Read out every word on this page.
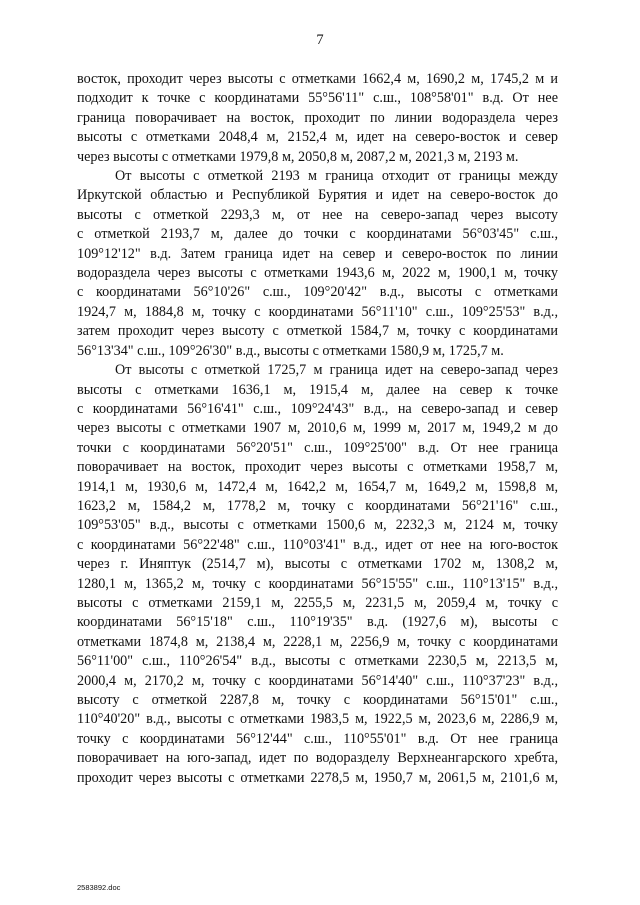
7
восток, проходит через высоты с отметками 1662,4 м, 1690,2 м, 1745,2 м и
подходит к точке с координатами 55°56'11" с.ш., 108°58'01" в.д. От нее
граница поворачивает на восток, проходит по линии водораздела через
высоты с отметками 2048,4 м, 2152,4 м, идет на северо-восток и север
через высоты с отметками 1979,8 м, 2050,8 м, 2087,2 м, 2021,3 м, 2193 м.
От высоты с отметкой 2193 м граница отходит от границы между
Иркутской областью и Республикой Бурятия и идет на северо-восток до
высоты с отметкой 2293,3 м, от нее на северо-запад через высоту
с отметкой 2193,7 м, далее до точки с координатами 56°03'45" с.ш.,
109°12'12" в.д. Затем граница идет на север и северо-восток по линии
водораздела через высоты с отметками 1943,6 м, 2022 м, 1900,1 м, точку
с координатами 56°10'26" с.ш., 109°20'42" в.д., высоты с отметками
1924,7 м, 1884,8 м, точку с координатами 56°11'10" с.ш., 109°25'53" в.д.,
затем проходит через высоту с отметкой 1584,7 м, точку с координатами
56°13'34" с.ш., 109°26'30" в.д., высоты с отметками 1580,9 м, 1725,7 м.
От высоты с отметкой 1725,7 м граница идет на северо-запад через
высоты с отметками 1636,1 м, 1915,4 м, далее на север к точке
с координатами 56°16'41" с.ш., 109°24'43" в.д., на северо-запад и север
через высоты с отметками 1907 м, 2010,6 м, 1999 м, 2017 м, 1949,2 м до
точки с координатами 56°20'51" с.ш., 109°25'00" в.д. От нее граница
поворачивает на восток, проходит через высоты с отметками 1958,7 м,
1914,1 м, 1930,6 м, 1472,4 м, 1642,2 м, 1654,7 м, 1649,2 м, 1598,8 м,
1623,2 м, 1584,2 м, 1778,2 м, точку с координатами 56°21'16" с.ш.,
109°53'05" в.д., высоты с отметками 1500,6 м, 2232,3 м, 2124 м, точку
с координатами 56°22'48" с.ш., 110°03'41" в.д., идет от нее на юго-восток
через г. Иняптук (2514,7 м), высоты с отметками 1702 м, 1308,2 м,
1280,1 м, 1365,2 м, точку с координатами 56°15'55" с.ш., 110°13'15" в.д.,
высоты с отметками 2159,1 м, 2255,5 м, 2231,5 м, 2059,4 м, точку с
координатами 56°15'18" с.ш., 110°19'35" в.д. (1927,6 м), высоты с
отметками 1874,8 м, 2138,4 м, 2228,1 м, 2256,9 м, точку с координатами
56°11'00" с.ш., 110°26'54" в.д., высоты с отметками 2230,5 м, 2213,5 м,
2000,4 м, 2170,2 м, точку с координатами 56°14'40" с.ш., 110°37'23" в.д.,
высоту с отметкой 2287,8 м, точку с координатами 56°15'01" с.ш.,
110°40'20" в.д., высоты с отметками 1983,5 м, 1922,5 м, 2023,6 м, 2286,9 м,
точку с координатами 56°12'44" с.ш., 110°55'01" в.д. От нее граница
поворачивает на юго-запад, идет по водоразделу Верхнеангарского хребта,
проходит через высоты с отметками 2278,5 м, 1950,7 м, 2061,5 м, 2101,6 м,
2583892.doc
